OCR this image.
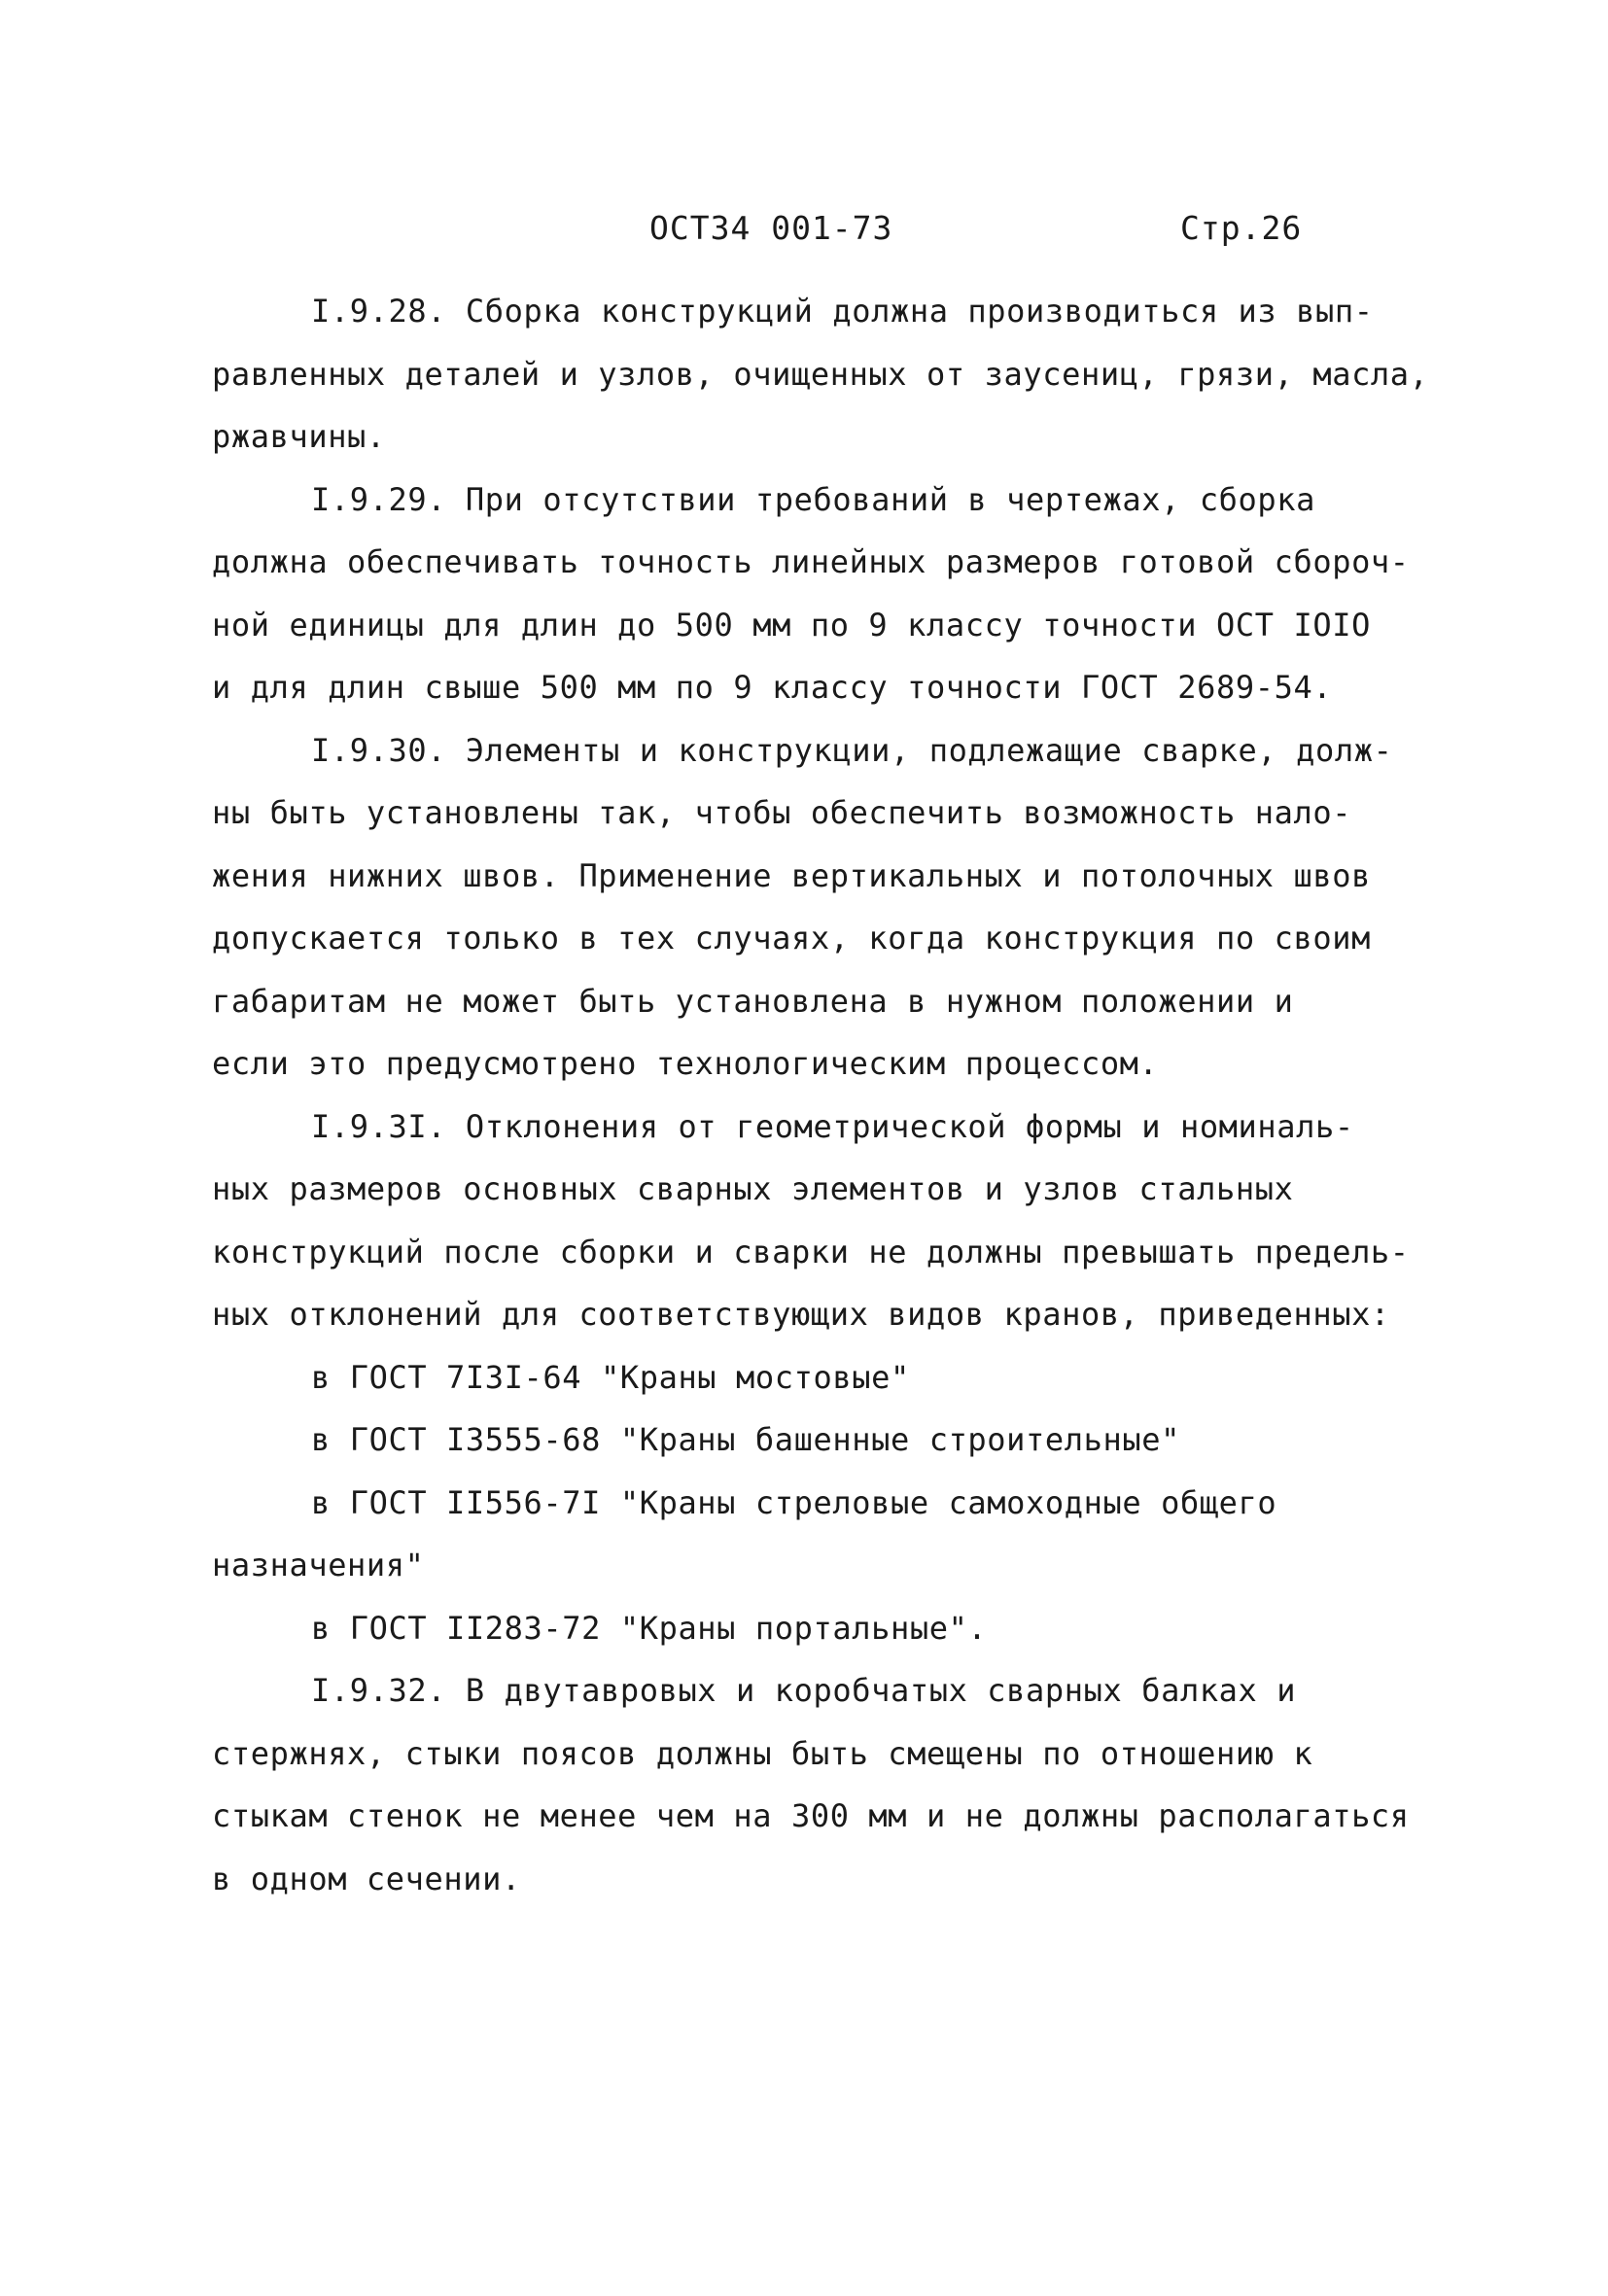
ОСТ34 001-73	Стр.26
I.9.28. Сборка конструкций должна производиться из вып-
равленных деталей и узлов, очищенных от заусениц, грязи, масла,
ржавчины.
I.9.29. При отсутствии требований в чертежах, сборка
должна обеспечивать точность линейных размеров готовой сбороч-
ной единицы для длин до 500 мм по 9 классу точности ОСТ IOIO
и для длин свыше 500 мм по 9 классу точности ГОСТ 2689-54.
I.9.30. Элементы и конструкции, подлежащие сварке, долж-
ны быть установлены так, чтобы обеспечить возможность нало-
жения нижних швов. Применение вертикальных и потолочных швов
допускается только в тех случаях, когда конструкция по своим
габаритам не может быть установлена в нужном положении и
если это предусмотрено технологическим процессом.
I.9.3I. Отклонения от геометрической формы и номиналь-
ных размеров основных сварных элементов и узлов стальных
конструкций после сборки и сварки не должны превышать предель-
ных отклонений для соответствующих видов кранов, приведенных:
в ГОСТ 7I3I-64 "Краны мостовые"
в ГОСТ I3555-68 "Краны башенные строительные"
в ГОСТ II556-7I "Краны стреловые самоходные общего
назначения"
в ГОСТ II283-72 "Краны портальные".
I.9.32. В двутавровых и коробчатых сварных балках и
стержнях, стыки поясов должны быть смещены по отношению к
стыкам стенок не менее чем на 300 мм и не должны располагаться
в одном сечении.
